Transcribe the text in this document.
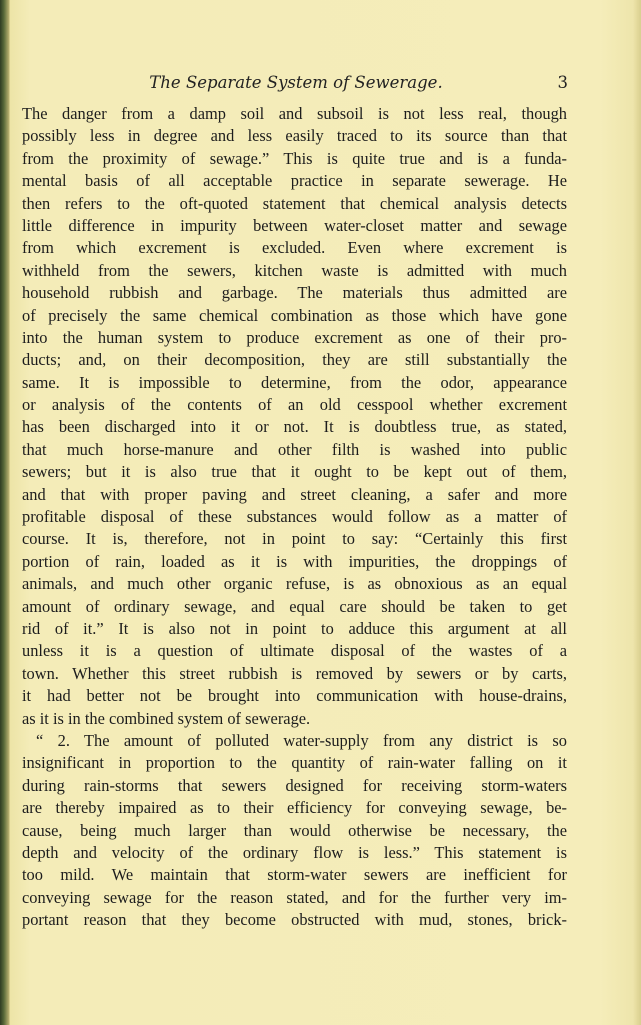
The Separate System of Sewerage.	3
The danger from a damp soil and subsoil is not less real, though
possibly less in degree and less easily traced to its source than that
from the proximity of sewage.” This is quite true and is a funda-
mental basis of all acceptable practice in separate sewerage. He
then refers to the oft-quoted statement that chemical analysis detects
little difference in impurity between water-closet matter and sewage
from which excrement is excluded. Even where excrement is
withheld from the sewers, kitchen waste is admitted with much
household rubbish and garbage. The materials thus admitted are
of precisely the same chemical combination as those which have gone
into the human system to produce excrement as one of their pro-
ducts; and, on their decomposition, they are still substantially the
same. It is impossible to determine, from the odor, appearance
or analysis of the contents of an old cesspool whether excrement
has been discharged into it or not. It is doubtless true, as stated,
that much horse-manure and other filth is washed into public
sewers; but it is also true that it ought to be kept out of them,
and that with proper paving and street cleaning, a safer and more
profitable disposal of these substances would follow as a matter of
course. It is, therefore, not in point to say: “Certainly this first
portion of rain, loaded as it is with impurities, the droppings of
animals, and much other organic refuse, is as obnoxious as an equal
amount of ordinary sewage, and equal care should be taken to get
rid of it.” It is also not in point to adduce this argument at all
unless it is a question of ultimate disposal of the wastes of a
town. Whether this street rubbish is removed by sewers or by carts,
it had better not be brought into communication with house-drains,
as it is in the combined system of sewerage.
“ 2. The amount of polluted water-supply from any district is so
insignificant in proportion to the quantity of rain-water falling on it
during rain-storms that sewers designed for receiving storm-waters
are thereby impaired as to their efficiency for conveying sewage, be-
cause, being much larger than would otherwise be necessary, the
depth and velocity of the ordinary flow is less.” This statement is
too mild. We maintain that storm-water sewers are inefficient for
conveying sewage for the reason stated, and for the further very im-
portant reason that they become obstructed with mud, stones, brick-
